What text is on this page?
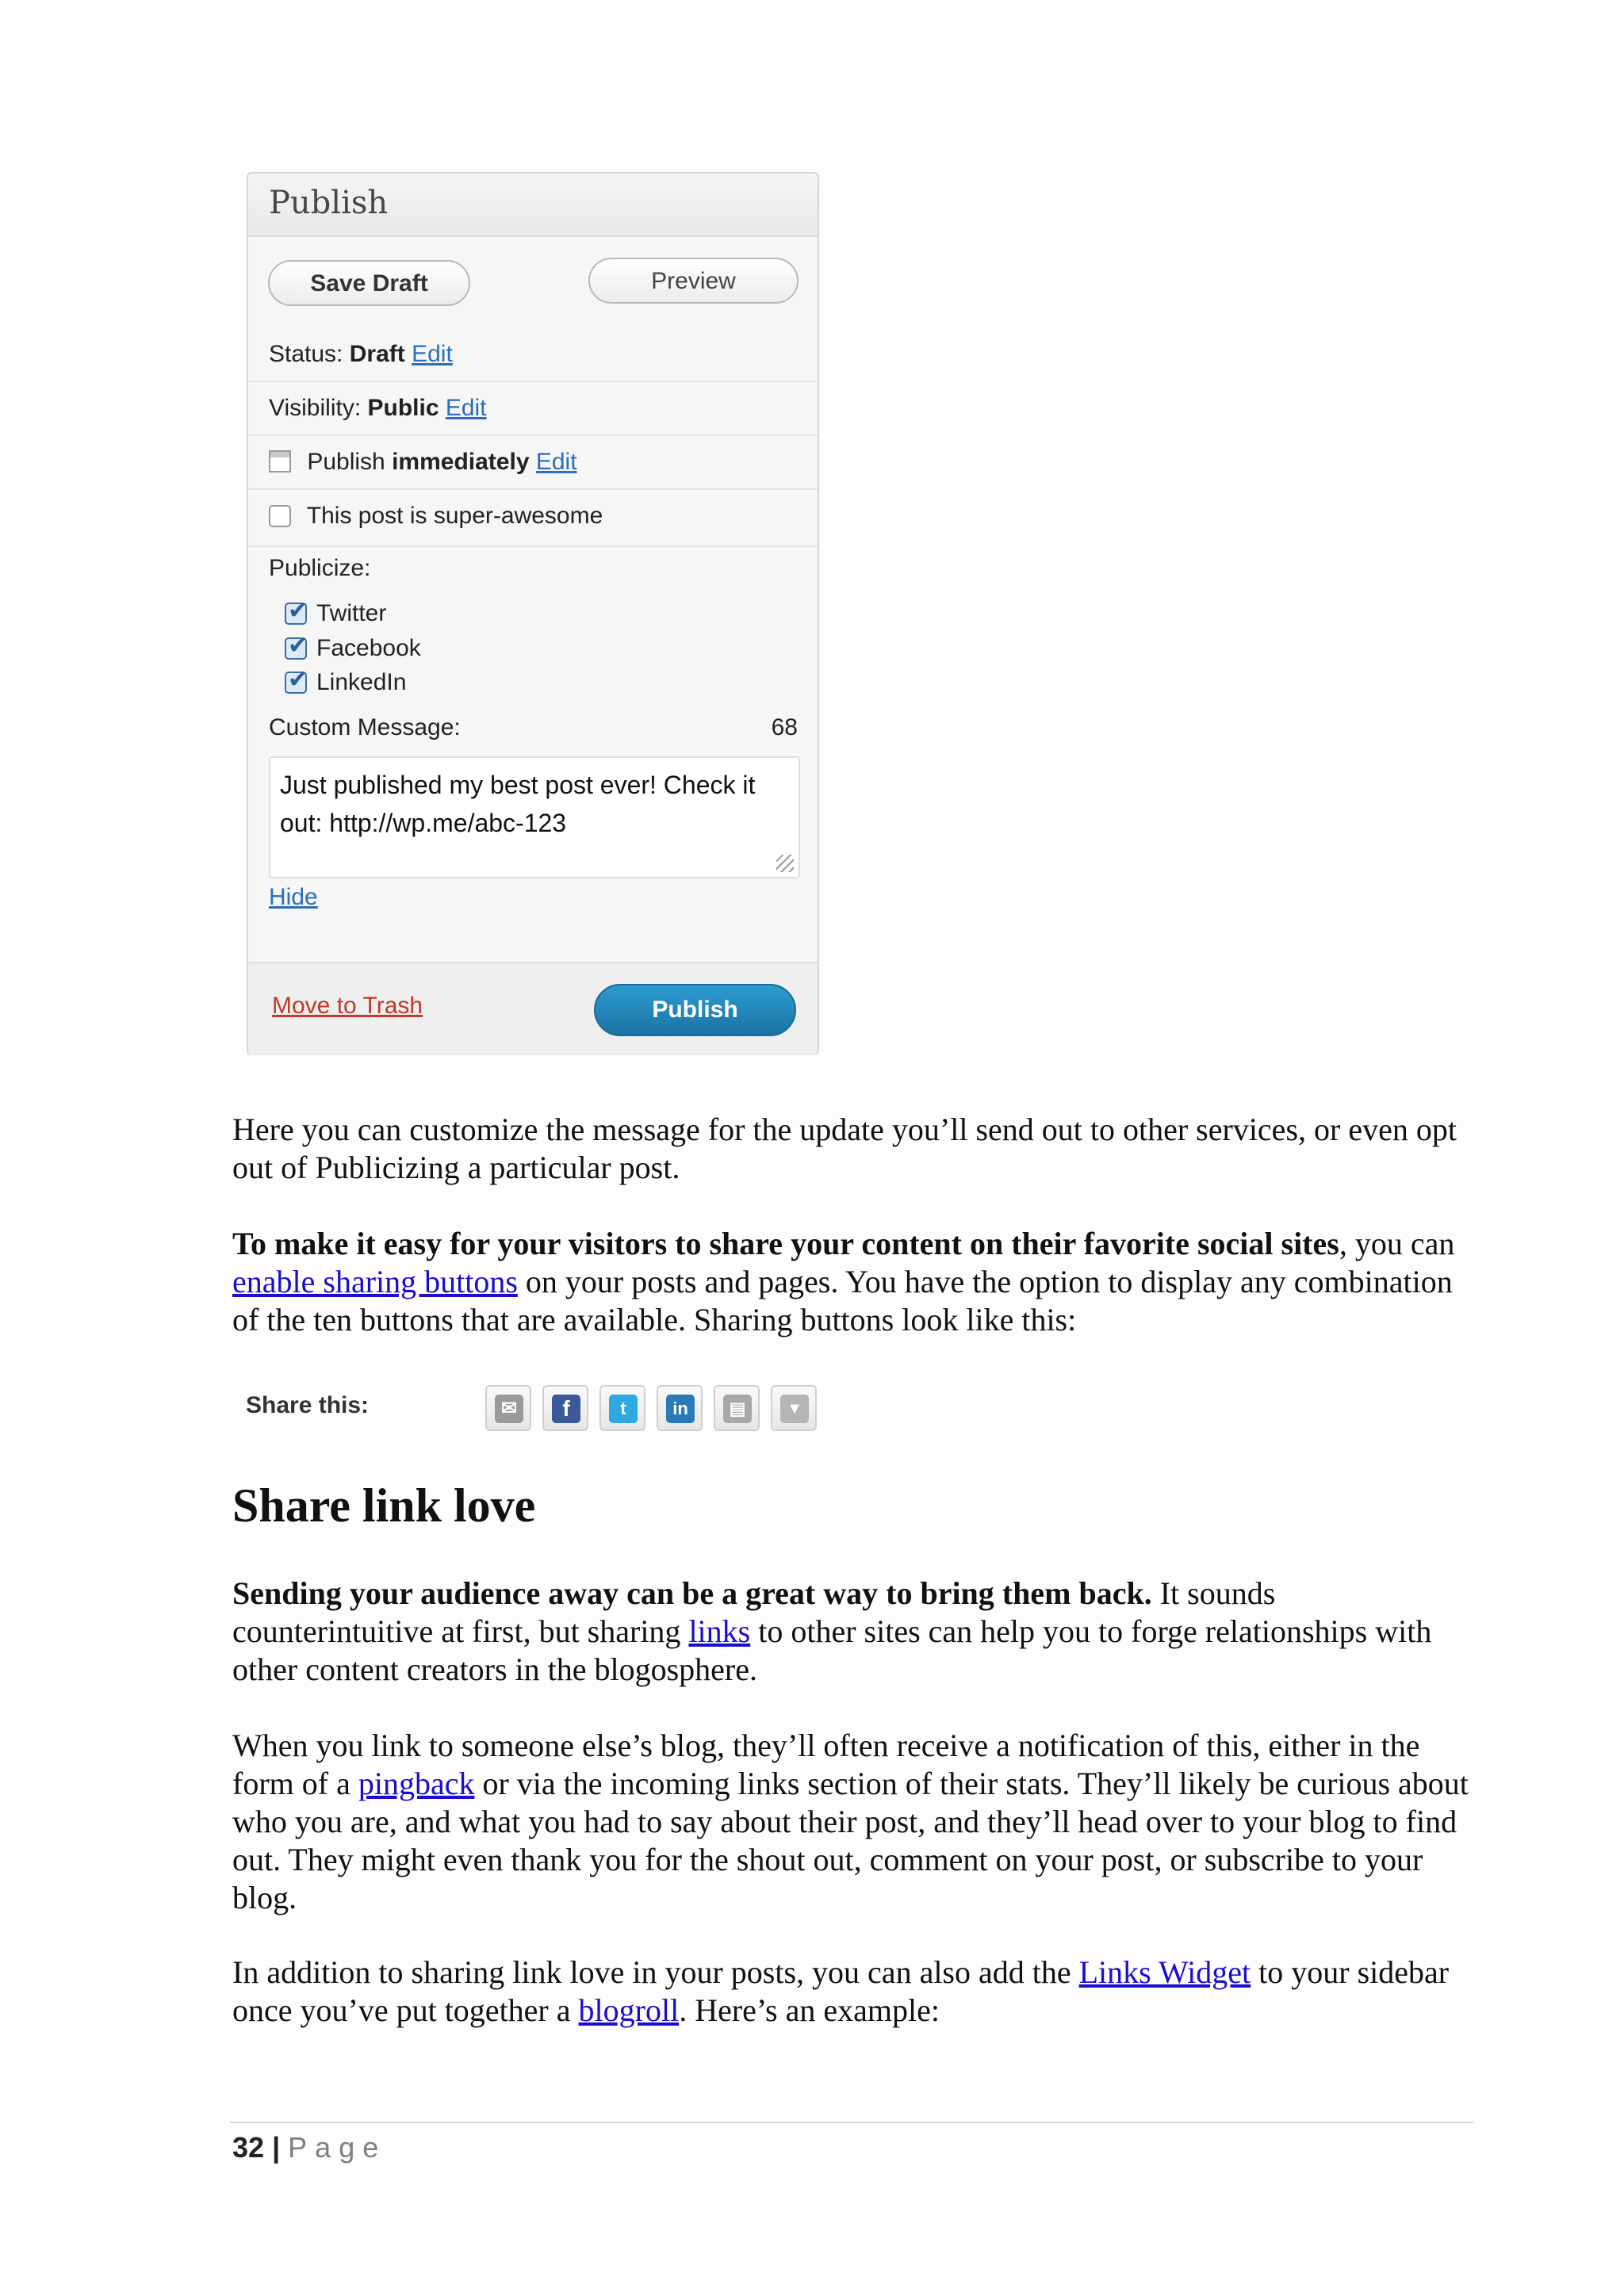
Publish
Save Draft	Preview
Status: Draft Edit
Visibility: Public Edit
Publish immediately Edit
This post is super-awesome
Publicize:
✔Twitter
✔Facebook
✔LinkedIn
Custom Message:	68
Just published my best post ever! Check it out: http://wp.me/abc-123
Hide
Move to Trash	Publish

Here you can customize the message for the update you’ll send out to other services, or even opt out of Publicizing a particular post.

To make it easy for your visitors to share your content on their favorite social sites, you can enable sharing buttons on your posts and pages. You have the option to display any combination of the ten buttons that are available. Sharing buttons look like this:

Share this:	✉	f	t	in	▤	▼
Share link love

Sending your audience away can be a great way to bring them back. It sounds counterintuitive at first, but sharing links to other sites can help you to forge relationships with other content creators in the blogosphere.

When you link to someone else’s blog, they’ll often receive a notification of this, either in the form of a pingback or via the incoming links section of their stats. They’ll likely be curious about who you are, and what you had to say about their post, and they’ll head over to your blog to find out. They might even thank you for the shout out, comment on your post, or subscribe to your blog.

In addition to sharing link love in your posts, you can also add the Links Widget to your sidebar once you’ve put together a blogroll. Here’s an example:

32 | Page
